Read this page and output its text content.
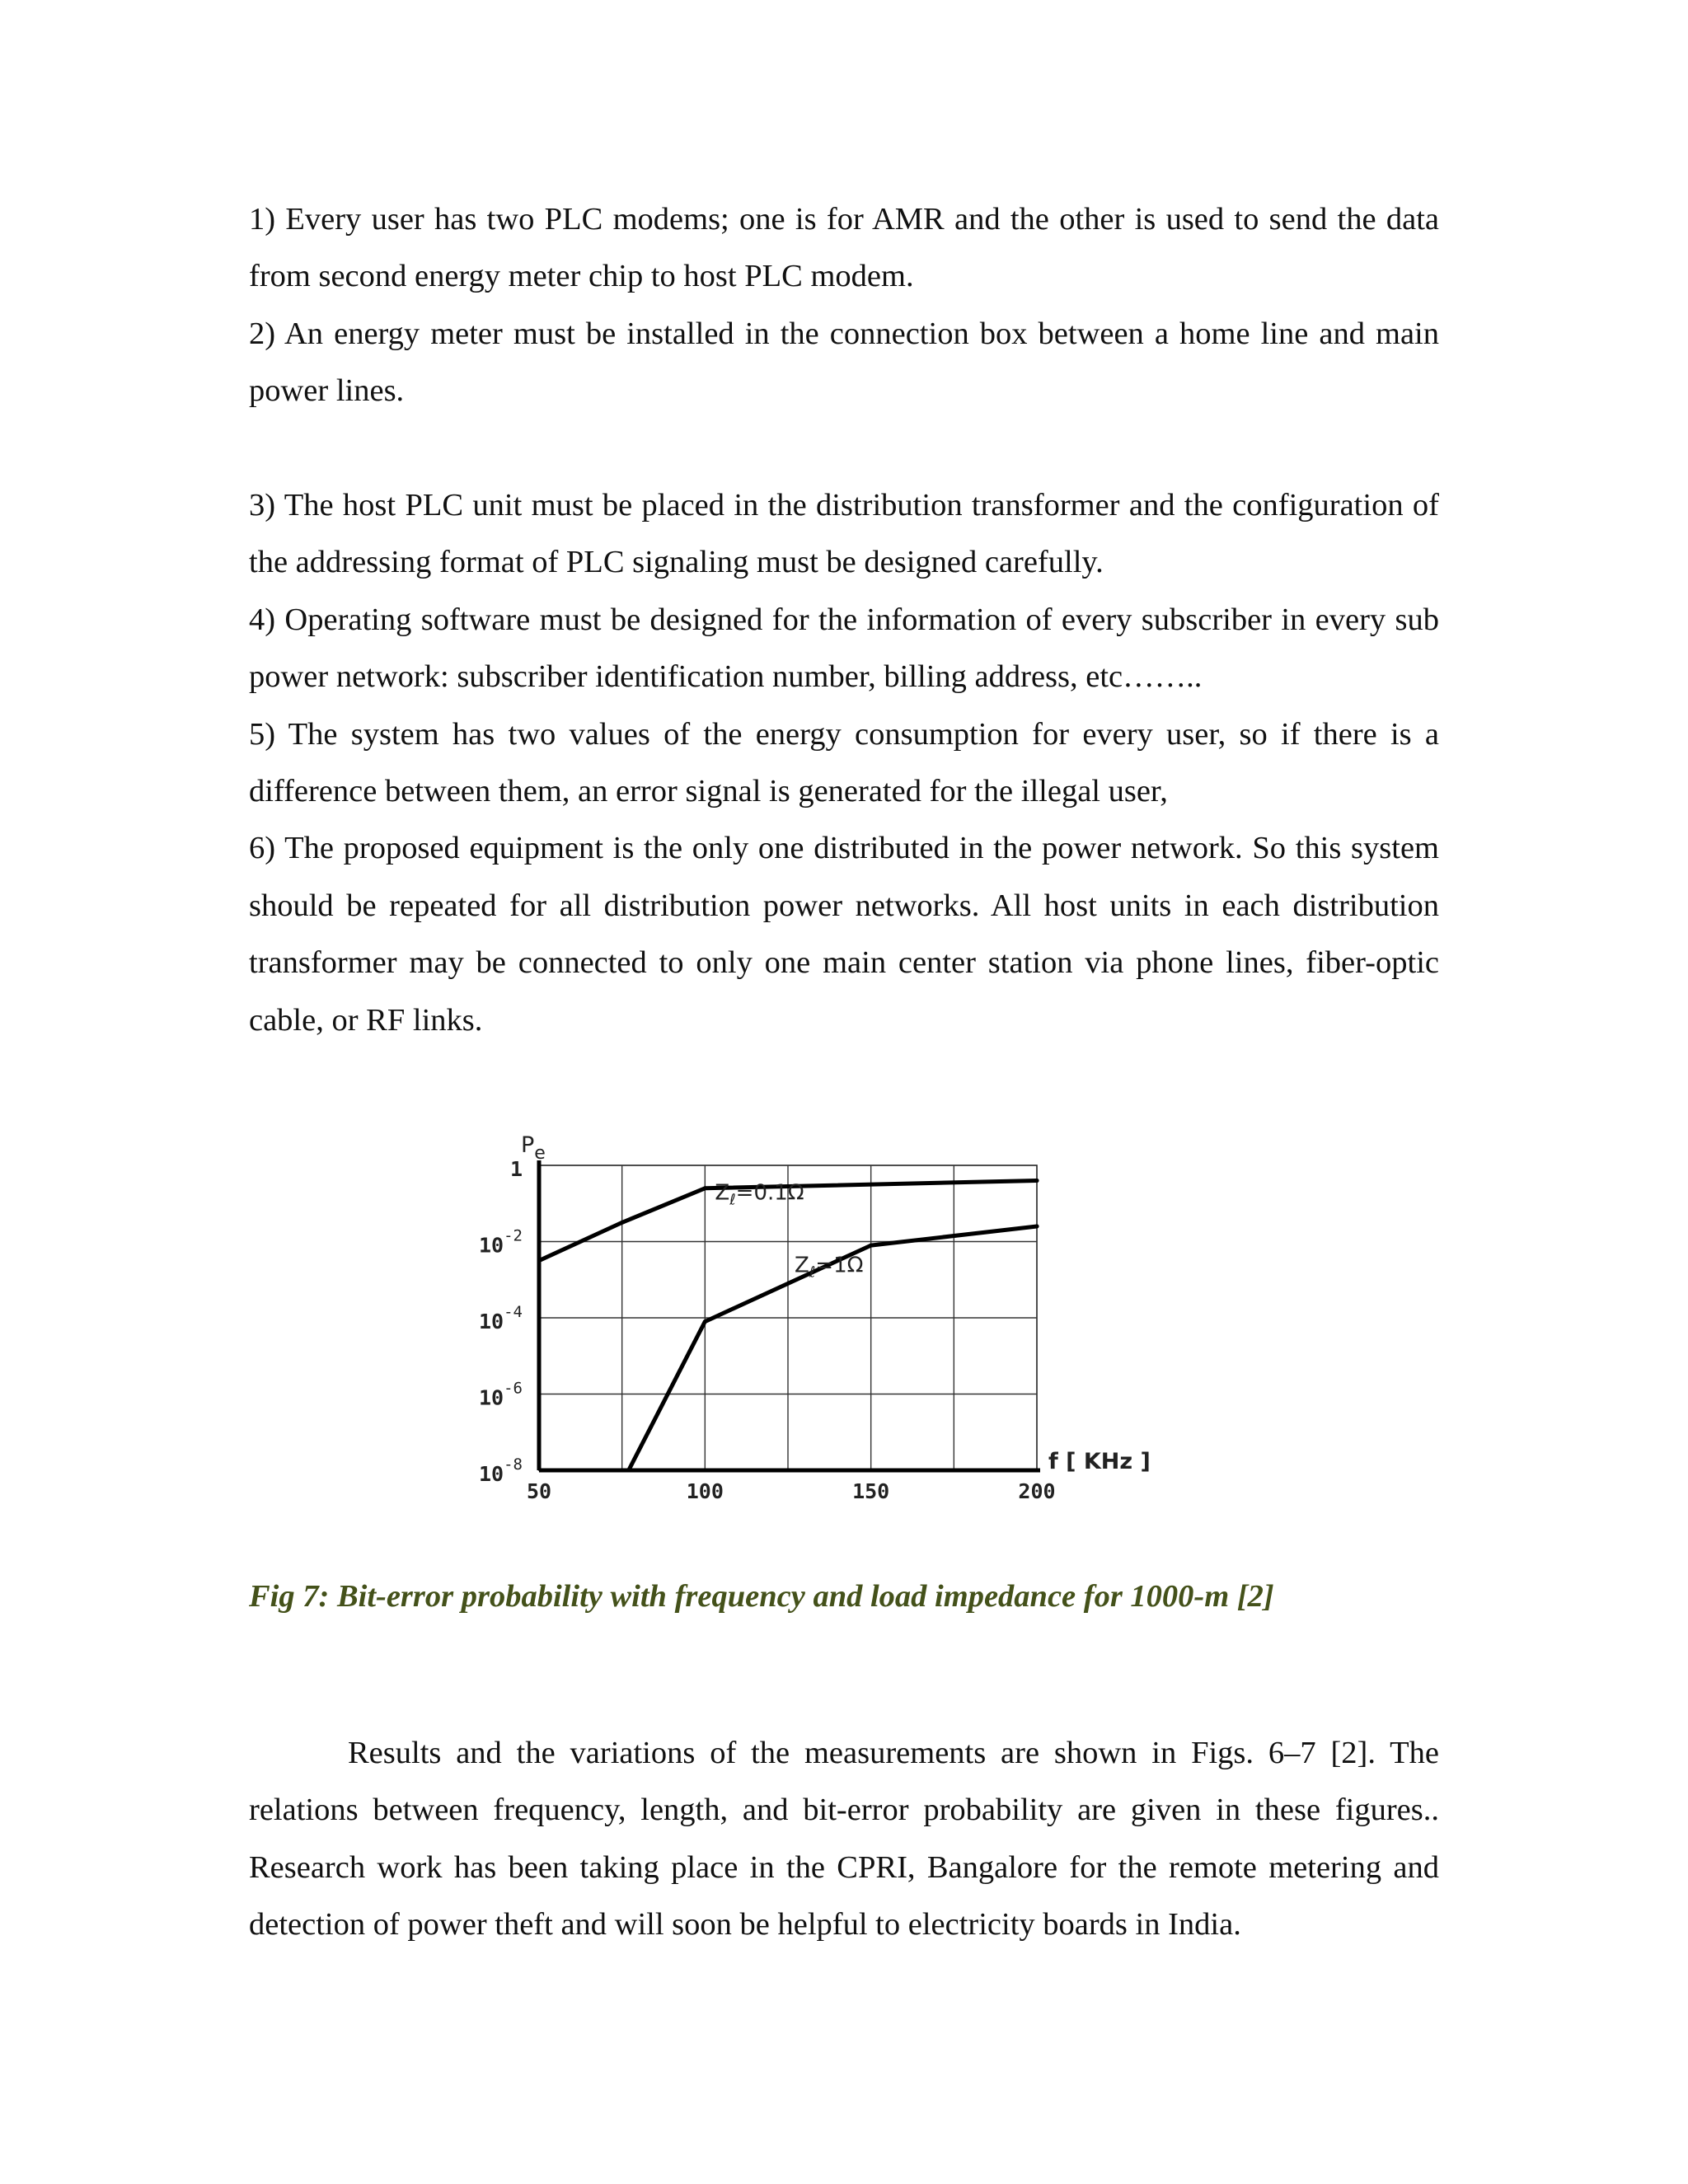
1) Every user has two PLC modems; one is for AMR and the other is used to send the data from second energy meter chip to host PLC modem.

2) An energy meter must be installed in the connection box between a home line and main power lines.

3) The host PLC unit must be placed in the distribution transformer and the configuration of the addressing format of PLC signaling must be designed carefully.

4) Operating software must be designed for the information of every subscriber in every sub power network: subscriber identification number, billing address, etc……..

5) The system has two values of the energy consumption for every user, so if there is a difference between them, an error signal is generated for the illegal user,

6) The proposed equipment is the only one distributed in the power network. So this system should be repeated for all distribution power networks. All host units in each distribution transformer may be connected to only one main center station via phone lines, fiber-optic cable, or RF links.

1
$10^{-2}$
$10^{-4}$
$10^{-6}$
$10^{-8}$
50	100	150	200
$P_e$
f [ KHz ]
$Z_\ell=0.1\Omega$
$Z_\ell=1\Omega$
Fig 7: Bit-error probability with frequency and load impedance for 1000-m [2]

Results and the variations of the measurements are shown in Figs. 6–7 [2]. The relations between frequency, length, and bit-error probability are given in these figures.. Research work has been taking place in the CPRI, Bangalore for the remote metering and detection of power theft and will soon be helpful to electricity boards in India.
